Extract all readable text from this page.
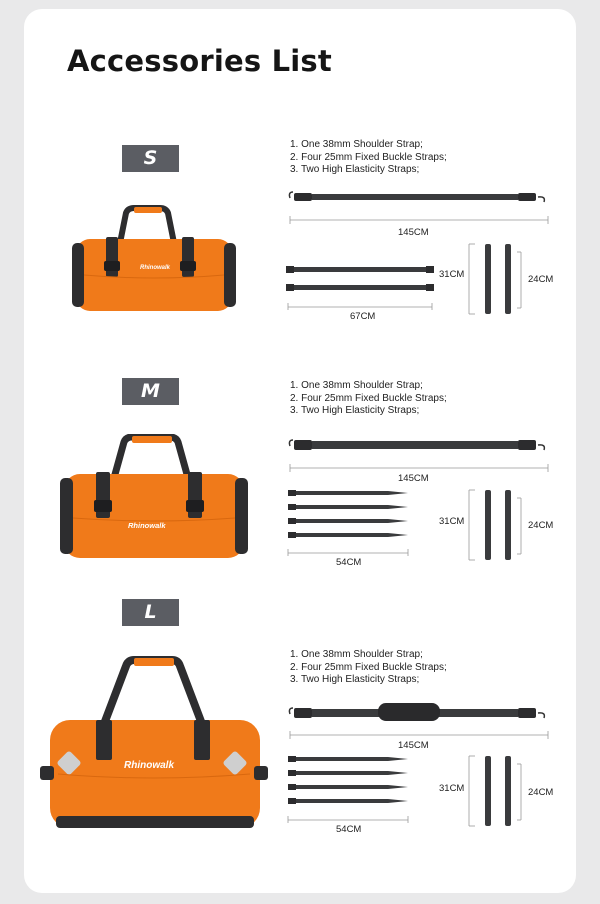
Accessories List
S
1. One 38mm Shoulder Strap;
2. Four 25mm Fixed Buckle Straps;
3. Two High Elasticity Straps;
Rhinowalk
145CM
67CM
31CM	24CM
M	1. One 38mm Shoulder Strap;
2. Four 25mm Fixed Buckle Straps;
3. Two High Elasticity Straps;
Rhinowalk
145CM
54CM
31CM	24CM
L
1. One 38mm Shoulder Strap;
2. Four 25mm Fixed Buckle Straps;
3. Two High Elasticity Straps;
Rhinowalk
145CM
54CM
31CM	24CM
